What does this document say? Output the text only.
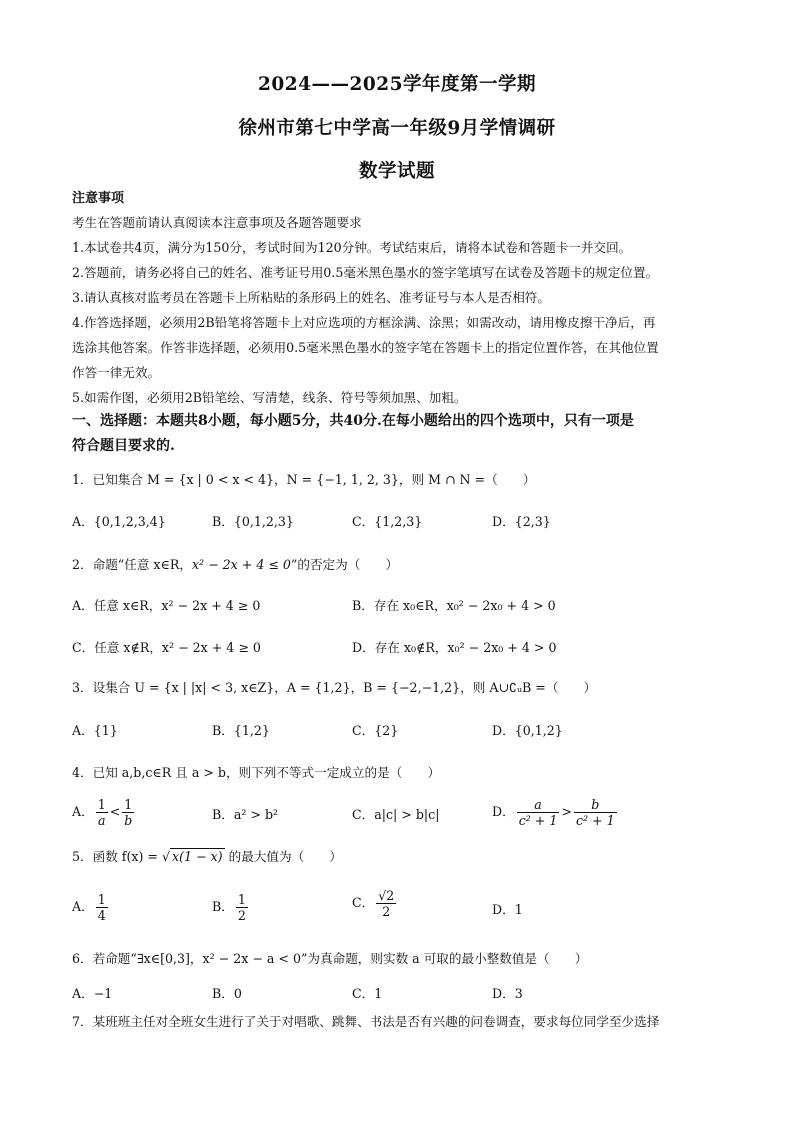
2024——2025学年度第一学期
徐州市第七中学高一年级9月学情调研
数学试题
注意事项
考生在答题前请认真阅读本注意事项及各题答题要求
1.本试卷共4页，满分为150分，考试时间为120分钟。考试结束后，请将本试卷和答题卡一并交回。
2.答题前，请务必将自己的姓名、准考证号用0.5毫米黑色墨水的签字笔填写在试卷及答题卡的规定位置。
3.请认真核对监考员在答题卡上所粘贴的条形码上的姓名、准考证号与本人是否相符。
4.作答选择题，必须用2B铅笔将答题卡上对应选项的方框涂满、涂黑；如需改动，请用橡皮擦干净后，再
选涂其他答案。作答非选择题，必须用0.5毫米黑色墨水的签字笔在答题卡上的指定位置作答，在其他位置
作答一律无效。
5.如需作图，必须用2B铅笔绘、写清楚，线条、符号等须加黑、加粗。
一、选择题：本题共8小题，每小题5分，共40分.在每小题给出的四个选项中，只有一项是
符合题目要求的.
1．已知集合 M = {x | 0 < x < 4}，N = {−1, 1, 2, 3}，则 M ∩ N =（　　）
A．{0,1,2,3,4}	B．{0,1,2,3}	C．{1,2,3}	D．{2,3}
2．命题“任意 x∈R，x² − 2x + 4 ≤ 0”的否定为（　　）
A．任意 x∈R，x² − 2x + 4 ≥ 0	B．存在 x₀∈R，x₀² − 2x₀ + 4 > 0
C．任意 x∉R，x² − 2x + 4 ≥ 0	D．存在 x₀∉R，x₀² − 2x₀ + 4 > 0
3．设集合 U = {x | |x| < 3, x∈Z}，A = {1,2}，B = {−2,−1,2}，则 A∪∁ᵤB =（　　）
A．{1}	B．{1,2}	C．{2}	D．{0,1,2}
4．已知 a,b,c∈R 且 a > b，则下列不等式一定成立的是（　　）
A． $\frac{1}{a} < \frac{1}{b}$	B．a² > b²	C．a|c| > b|c|	D． $\frac{a}{\text{c² + 1}} > \frac{b}{\text{c² + 1}}$
5．函数 f(x) = √ x(1 − x) 的最大值为（　　）
A． $\frac{1}{4}$	B． $\frac{1}{2}$	C． $\frac{√2}{2}$	D．1
6．若命题“∃x∈[0,3]，x² − 2x − a < 0”为真命题，则实数 a 可取的最小整数值是（　　）
A．−1	B．0	C．1	D．3
7．某班班主任对全班女生进行了关于对唱歌、跳舞、书法是否有兴趣的问卷调查，要求每位同学至少选择
